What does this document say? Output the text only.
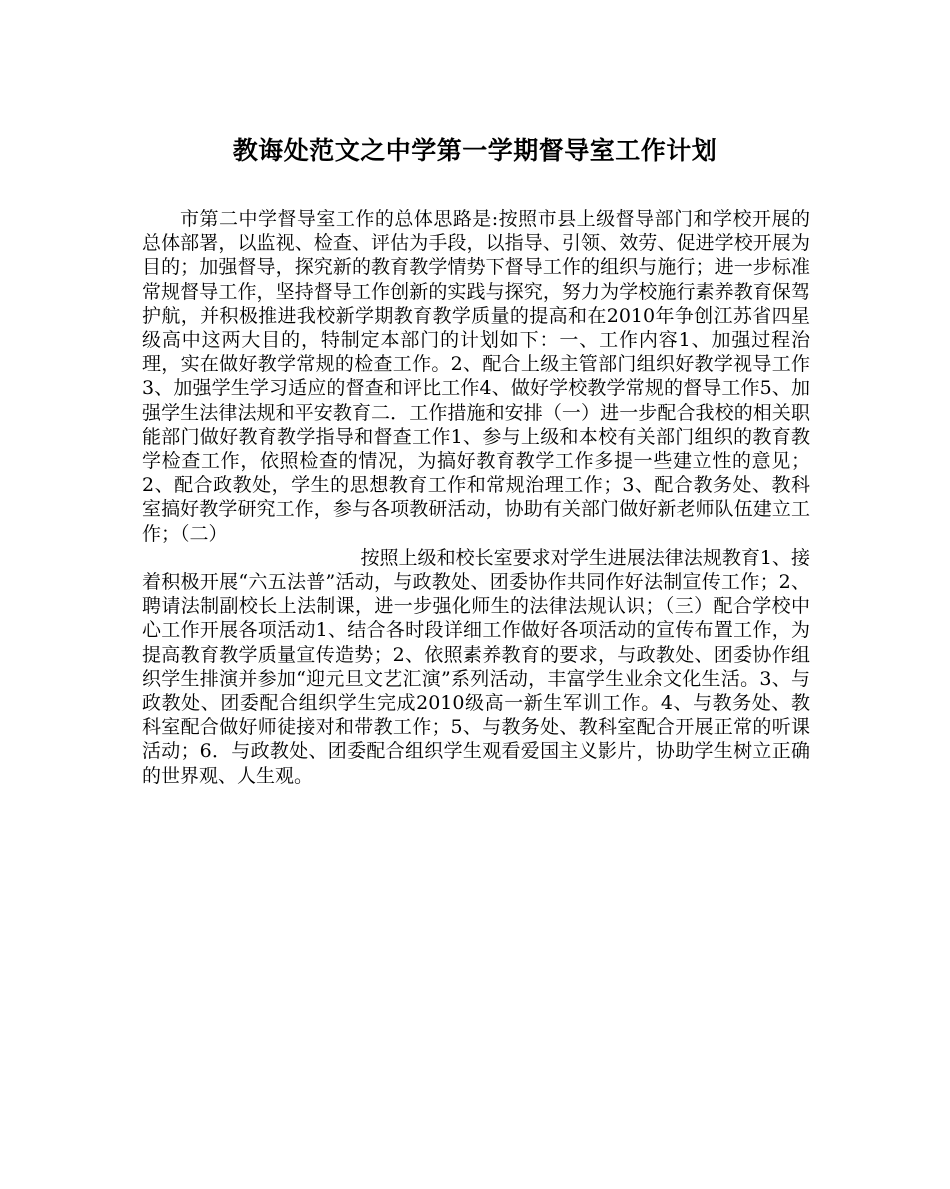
教诲处范文之中学第一学期督导室工作计划

市第二中学督导室工作的总体思路是:按照市县上级督导部门和学校开展的总体部署，以监视、检查、评估为手段，以指导、引领、效劳、促进学校开展为目的；加强督导，探究新的教育教学情势下督导工作的组织与施行；进一步标准常规督导工作，坚持督导工作创新的实践与探究，努力为学校施行素养教育保驾护航，并积极推进我校新学期教育教学质量的提高和在2010年争创江苏省四星级高中这两大目的，特制定本部门的计划如下：一、工作内容1、加强过程治理，实在做好教学常规的检查工作。2、配合上级主管部门组织好教学视导工作3、加强学生学习适应的督查和评比工作4、做好学校教学常规的督导工作5、加强学生法律法规和平安教育二．工作措施和安排（一）进一步配合我校的相关职能部门做好教育教学指导和督查工作1、参与上级和本校有关部门组织的教育教学检查工作，依照检查的情况，为搞好教育教学工作多提一些建立性的意见；2、配合政教处，学生的思想教育工作和常规治理工作；3、配合教务处、教科室搞好教学研究工作，参与各项教研活动，协助有关部门做好新老师队伍建立工作；（二）

按照上级和校长室要求对学生进展法律法规教育1、接着积极开展“六五法普”活动，与政教处、团委协作共同作好法制宣传工作；2、聘请法制副校长上法制课，进一步强化师生的法律法规认识；（三）配合学校中心工作开展各项活动1、结合各时段详细工作做好各项活动的宣传布置工作，为提高教育教学质量宣传造势；2、依照素养教育的要求，与政教处、团委协作组织学生排演并参加“迎元旦文艺汇演”系列活动，丰富学生业余文化生活。3、与政教处、团委配合组织学生完成2010级高一新生军训工作。4、与教务处、教科室配合做好师徒接对和带教工作；5、与教务处、教科室配合开展正常的听课活动；6．与政教处、团委配合组织学生观看爱国主义影片，协助学生树立正确的世界观、人生观。
